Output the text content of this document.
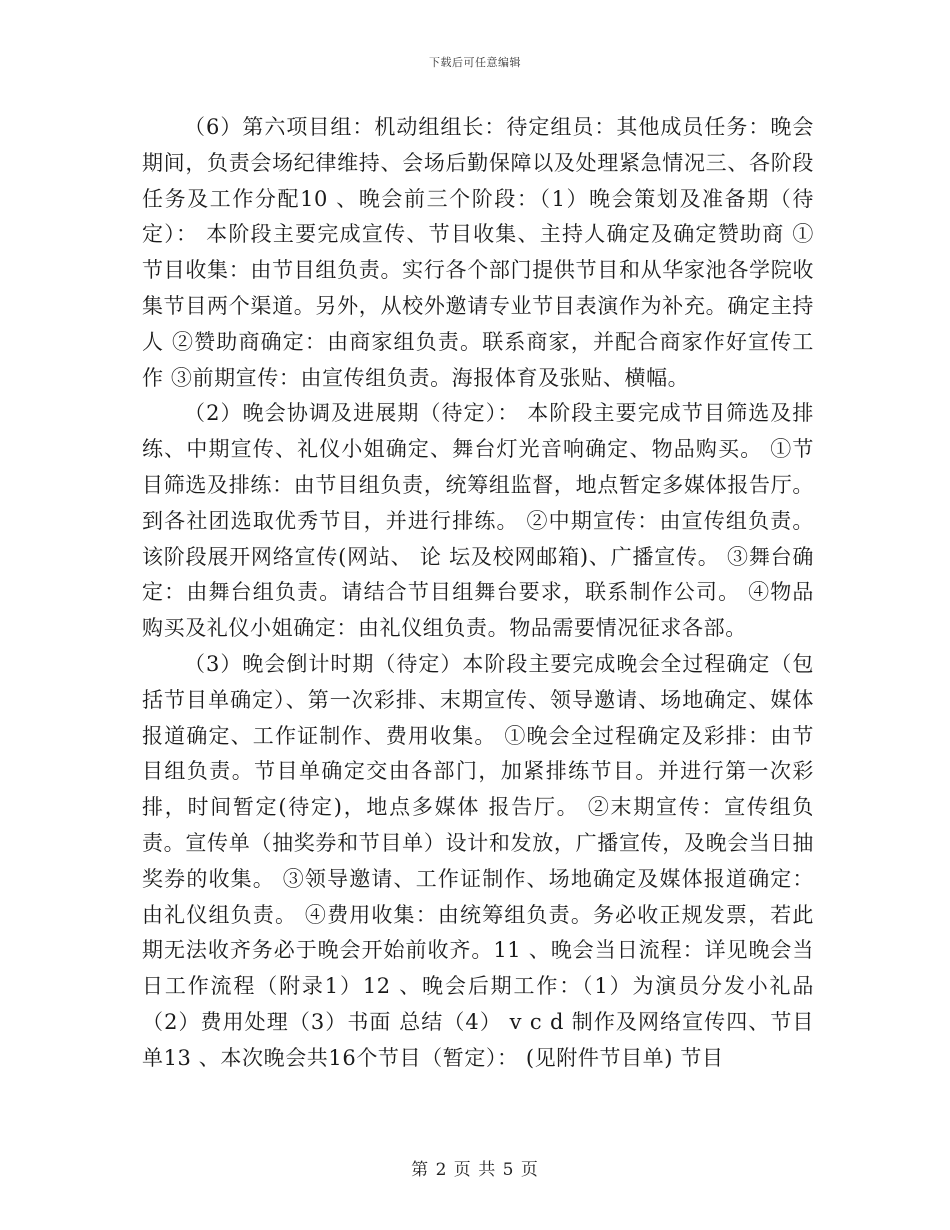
下载后可任意编辑

（6）第六项目组：机动组组长：待定组员：其他成员任务：晚会期间，负责会场纪律维持、会场后勤保障以及处理紧急情况三、各阶段任务及工作分配10 、晚会前三个阶段：（1）晚会策划及准备期（待定）： 本阶段主要完成宣传、节目收集、主持人确定及确定赞助商 ①节目收集：由节目组负责。实行各个部门提供节目和从华家池各学院收集节目两个渠道。另外，从校外邀请专业节目表演作为补充。确定主持人 ②赞助商确定：由商家组负责。联系商家，并配合商家作好宣传工作 ③前期宣传：由宣传组负责。海报体育及张贴、横幅。

（2）晚会协调及进展期（待定）： 本阶段主要完成节目筛选及排练、中期宣传、礼仪小姐确定、舞台灯光音响确定、物品购买。 ①节目筛选及排练：由节目组负责，统筹组监督，地点暂定多媒体报告厅。到各社团选取优秀节目，并进行排练。 ②中期宣传：由宣传组负责。该阶段展开网络宣传(网站、 论 坛及校网邮箱)、广播宣传。 ③舞台确定：由舞台组负责。请结合节目组舞台要求，联系制作公司。 ④物品购买及礼仪小姐确定：由礼仪组负责。物品需要情况征求各部。

（3）晚会倒计时期（待定）本阶段主要完成晚会全过程确定（包括节目单确定）、第一次彩排、末期宣传、领导邀请、场地确定、媒体报道确定、工作证制作、费用收集。 ①晚会全过程确定及彩排：由节目组负责。节目单确定交由各部门，加紧排练节目。并进行第一次彩排，时间暂定(待定)，地点多媒体 报告厅。 ②末期宣传：宣传组负责。宣传单（抽奖券和节目单）设计和发放，广播宣传，及晚会当日抽奖券的收集。 ③领导邀请、工作证制作、场地确定及媒体报道确定：由礼仪组负责。 ④费用收集：由统筹组负责。务必收正规发票，若此期无法收齐务必于晚会开始前收齐。11 、晚会当日流程：详见晚会当日工作流程（附录1）12 、晚会后期工作：（1）为演员分发小礼品（2）费用处理（3）书面 总结（4） v c d 制作及网络宣传四、节目单13 、本次晚会共16个节目（暂定）： (见附件节目单) 节目

第 2 页 共 5 页
